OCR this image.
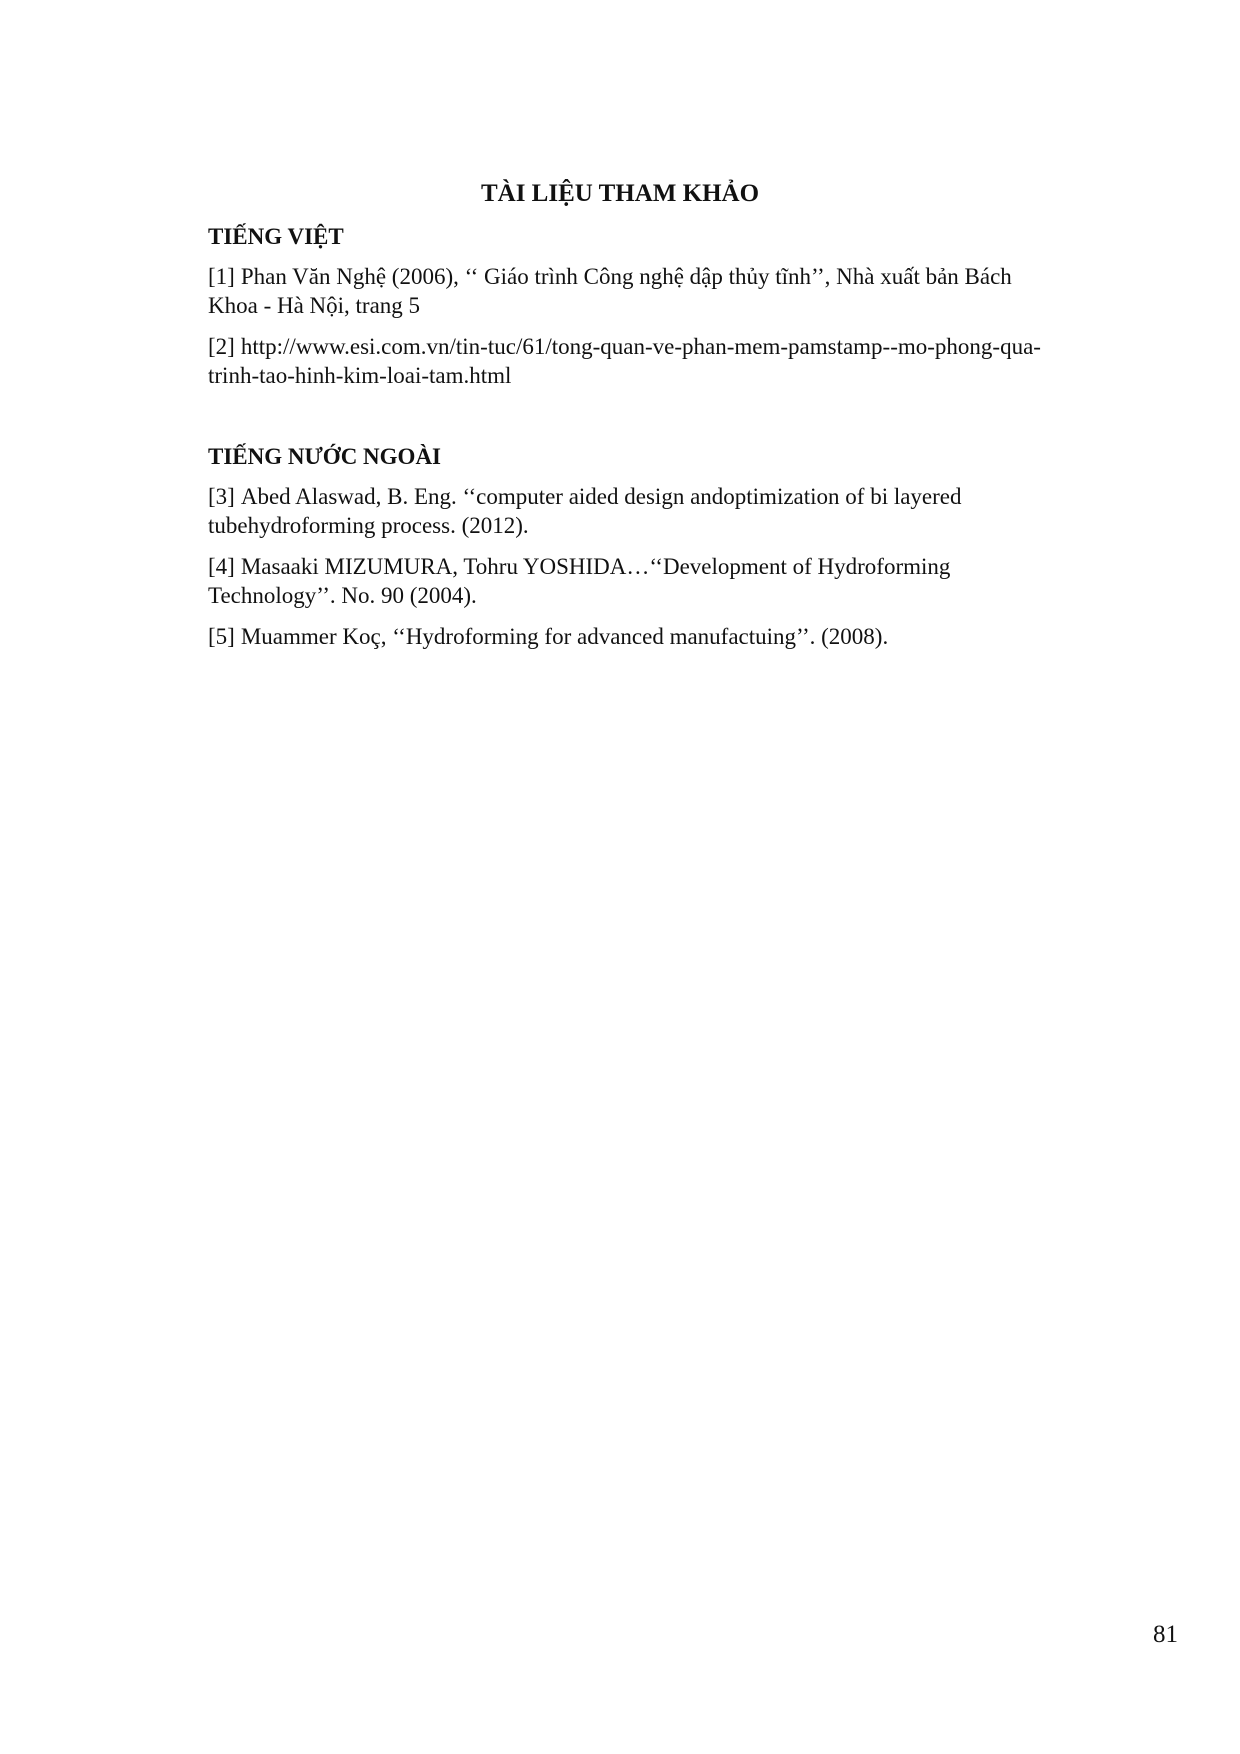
TÀI LIỆU THAM KHẢO
TIẾNG VIỆT

[1] Phan Văn Nghệ (2006), ‘‘ Giáo trình Công nghệ dập thủy tĩnh’’, Nhà xuất bản Bách
Khoa - Hà Nội, trang 5

[2] http://www.esi.com.vn/tin-tuc/61/tong-quan-ve-phan-mem-pamstamp--mo-phong-qua-
trinh-tao-hinh-kim-loai-tam.html

TIẾNG NƯỚC NGOÀI

[3] Abed Alaswad, B. Eng. ‘‘computer aided design andoptimization of bi layered
tubehydroforming process. (2012).

[4] Masaaki MIZUMURA, Tohru YOSHIDA…‘‘Development of Hydroforming
Technology’’. No. 90 (2004).

[5] Muammer Koç, ‘‘Hydroforming for advanced manufactuing’’. (2008).

81
